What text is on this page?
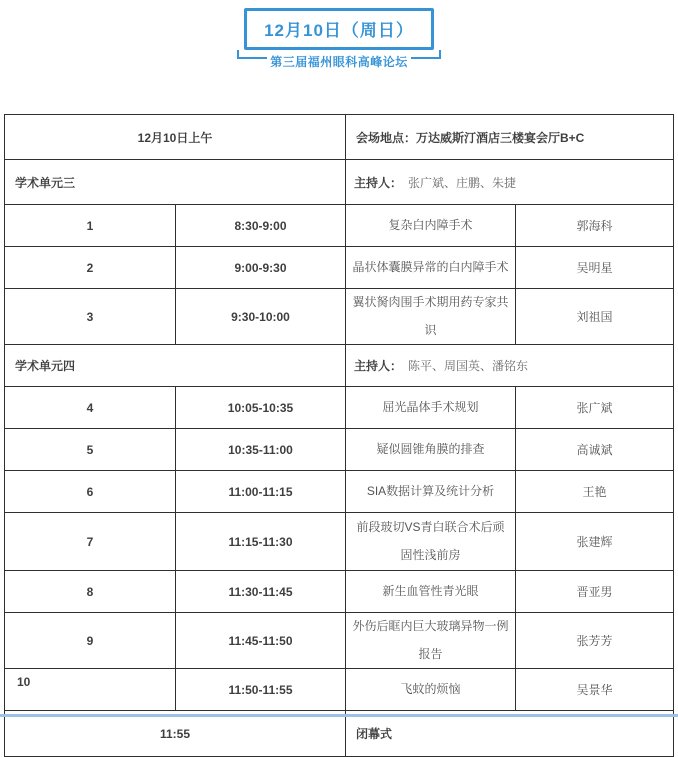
12月10日（周日）
第三届福州眼科高峰论坛
12月10日上午		会场地点：万达威斯汀酒店三楼宴会厅B+C	
学术单元三		主持人： 张广斌、庄鹏、朱捷	
1	8:30-9:00	复杂白内障手术	郭海科
2	9:00-9:30	晶状体囊膜异常的白内障手术	吴明星
3	9:30-10:00	翼状胬肉围手术期用药专家共识	刘祖国
学术单元四		主持人： 陈平、周国英、潘铭东	
4	10:05-10:35	屈光晶体手术规划	张广斌
5	10:35-11:00	疑似圆锥角膜的排查	高诚斌
6	11:00-11:15	SIA数据计算及统计分析	王艳
7	11:15-11:30	前段玻切VS青白联合术后顽固性浅前房	张建辉
8	11:30-11:45	新生血管性青光眼	晋亚男
9	11:45-11:50	外伤后眶内巨大玻璃异物一例报告	张芳芳
10	11:50-11:55	飞蚊的烦恼	吴景华
11:55		闭幕式	
